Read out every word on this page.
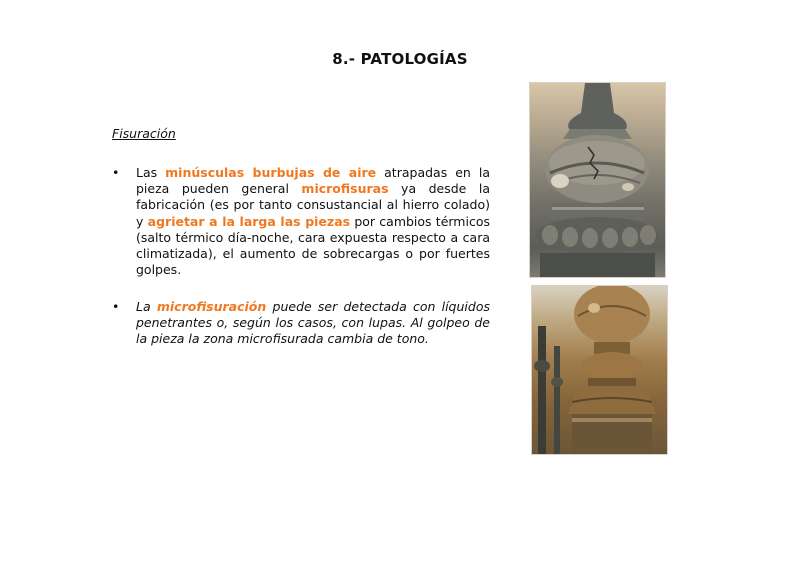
8.- PATOLOGÍAS
Fisuración
•	Las minúsculas burbujas de aire atrapadas en la pieza pueden general microfisuras ya desde la fabricación (es por tanto consustancial al hierro colado) y agrietar a la larga las piezas por cambios térmicos (salto térmico día-noche, cara expuesta respecto a cara climatizada), el aumento de sobrecargas o por fuertes golpes.
•	La microfisuración puede ser detectada con líquidos penetrantes o, según los casos, con lupas. Al golpeo de la pieza la zona microfisurada cambia de tono.
